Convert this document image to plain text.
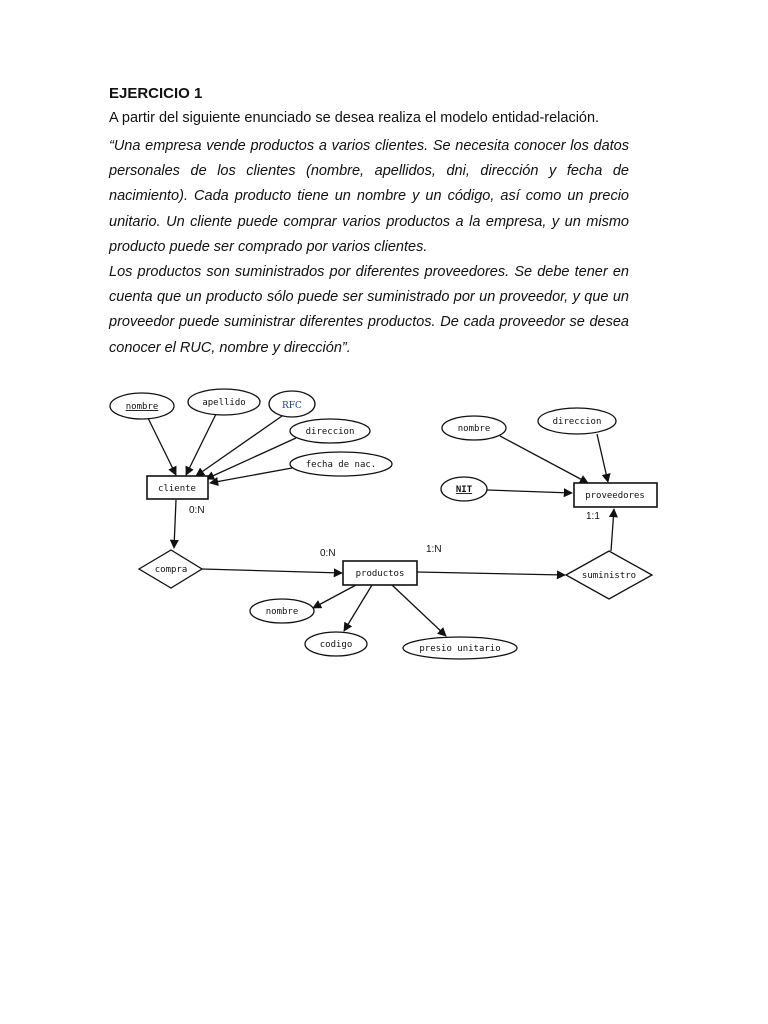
EJERCICIO 1

A partir del siguiente enunciado se desea realiza el modelo entidad-relación.

“Una empresa vende productos a varios clientes. Se necesita conocer los datos personales de los clientes (nombre, apellidos, dni, dirección y fecha de nacimiento). Cada producto tiene un nombre y un código, así como un precio unitario. Un cliente puede comprar varios productos a la empresa, y un mismo producto puede ser comprado por varios clientes.

Los productos son suministrados por diferentes proveedores. Se debe tener en cuenta que un producto sólo puede ser suministrado por un proveedor, y que un proveedor puede suministrar diferentes productos. De cada proveedor se desea conocer el RUC, nombre y dirección”.

nombre	apellido	RFC
direccion
fecha de nac.
cliente
0:N
compra
0:N	1:N
productos
nombre
codigo	presio unitario
suministro
nombre
direccion
NIT
proveedores
1:1
